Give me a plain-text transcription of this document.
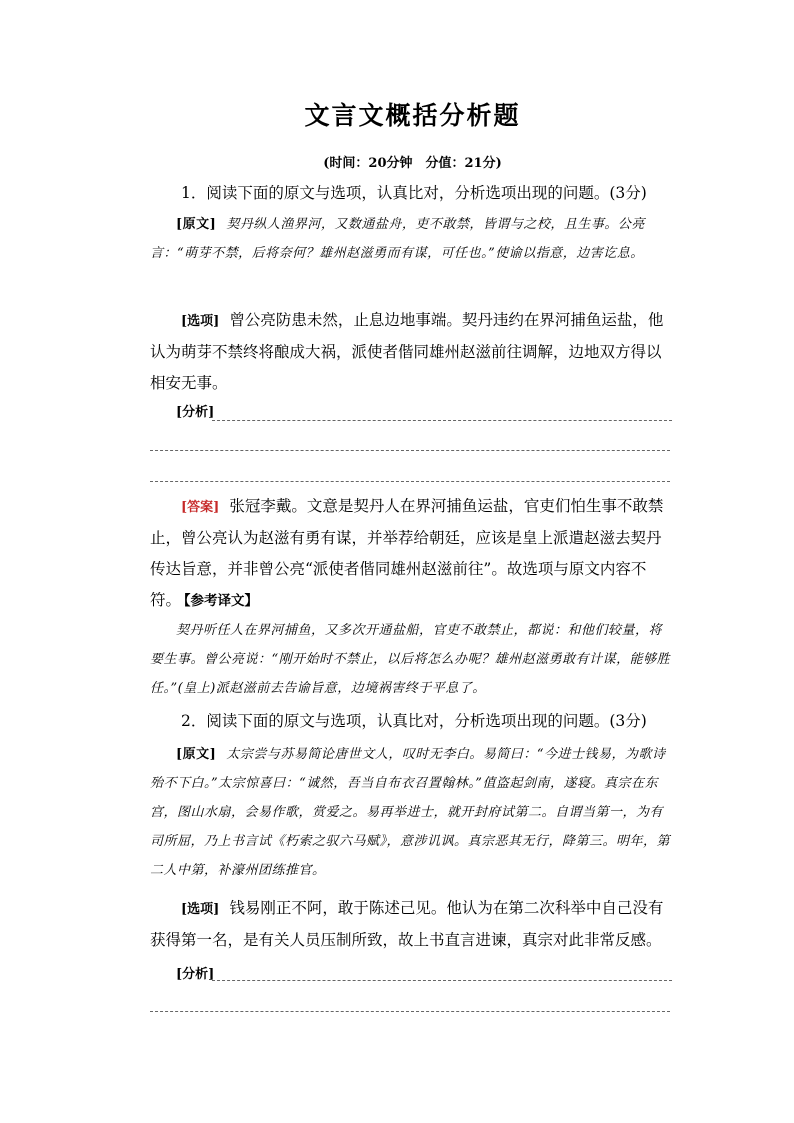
文言文概括分析题
(时间：20分钟　分值：21分)

1．阅读下面的原文与选项，认真比对，分析选项出现的问题。(3分)

[原文] 契丹纵人渔界河，又数通盐舟，吏不敢禁，皆谓与之校，且生事。公亮言：“萌芽不禁，后将奈何？雄州赵滋勇而有谋，可任也。”使谕以指意，边害讫息。

[选项] 曾公亮防患未然，止息边地事端。契丹违约在界河捕鱼运盐，他认为萌芽不禁终将酿成大祸，派使者偕同雄州赵滋前往调解，边地双方得以相安无事。

[分析]

[答案] 张冠李戴。文意是契丹人在界河捕鱼运盐，官吏们怕生事不敢禁止，曾公亮认为赵滋有勇有谋，并举荐给朝廷，应该是皇上派遣赵滋去契丹传达旨意，并非曾公亮“派使者偕同雄州赵滋前往”。故选项与原文内容不符。

【参考译文】

契丹听任人在界河捕鱼，又多次开通盐船，官吏不敢禁止，都说：和他们较量，将要生事。曾公亮说：“刚开始时不禁止，以后将怎么办呢？雄州赵滋勇敢有计谋，能够胜任。”(皇上)派赵滋前去告谕旨意，边境祸害终于平息了。

2．阅读下面的原文与选项，认真比对，分析选项出现的问题。(3分)

[原文] 太宗尝与苏易简论唐世文人，叹时无李白。易简曰：“今进士钱易，为歌诗殆不下白。”太宗惊喜曰：“诚然，吾当自布衣召置翰林。”值盗起剑南，遂寝。真宗在东宫，图山水扇，会易作歌，赏爱之。易再举进士，就开封府试第二。自谓当第一，为有司所屈，乃上书言试《朽索之驭六马赋》，意涉讥讽。真宗恶其无行，降第三。明年，第二人中第，补濠州团练推官。

[选项] 钱易刚正不阿，敢于陈述己见。他认为在第二次科举中自己没有获得第一名，是有关人员压制所致，故上书直言进谏，真宗对此非常反感。

[分析]
